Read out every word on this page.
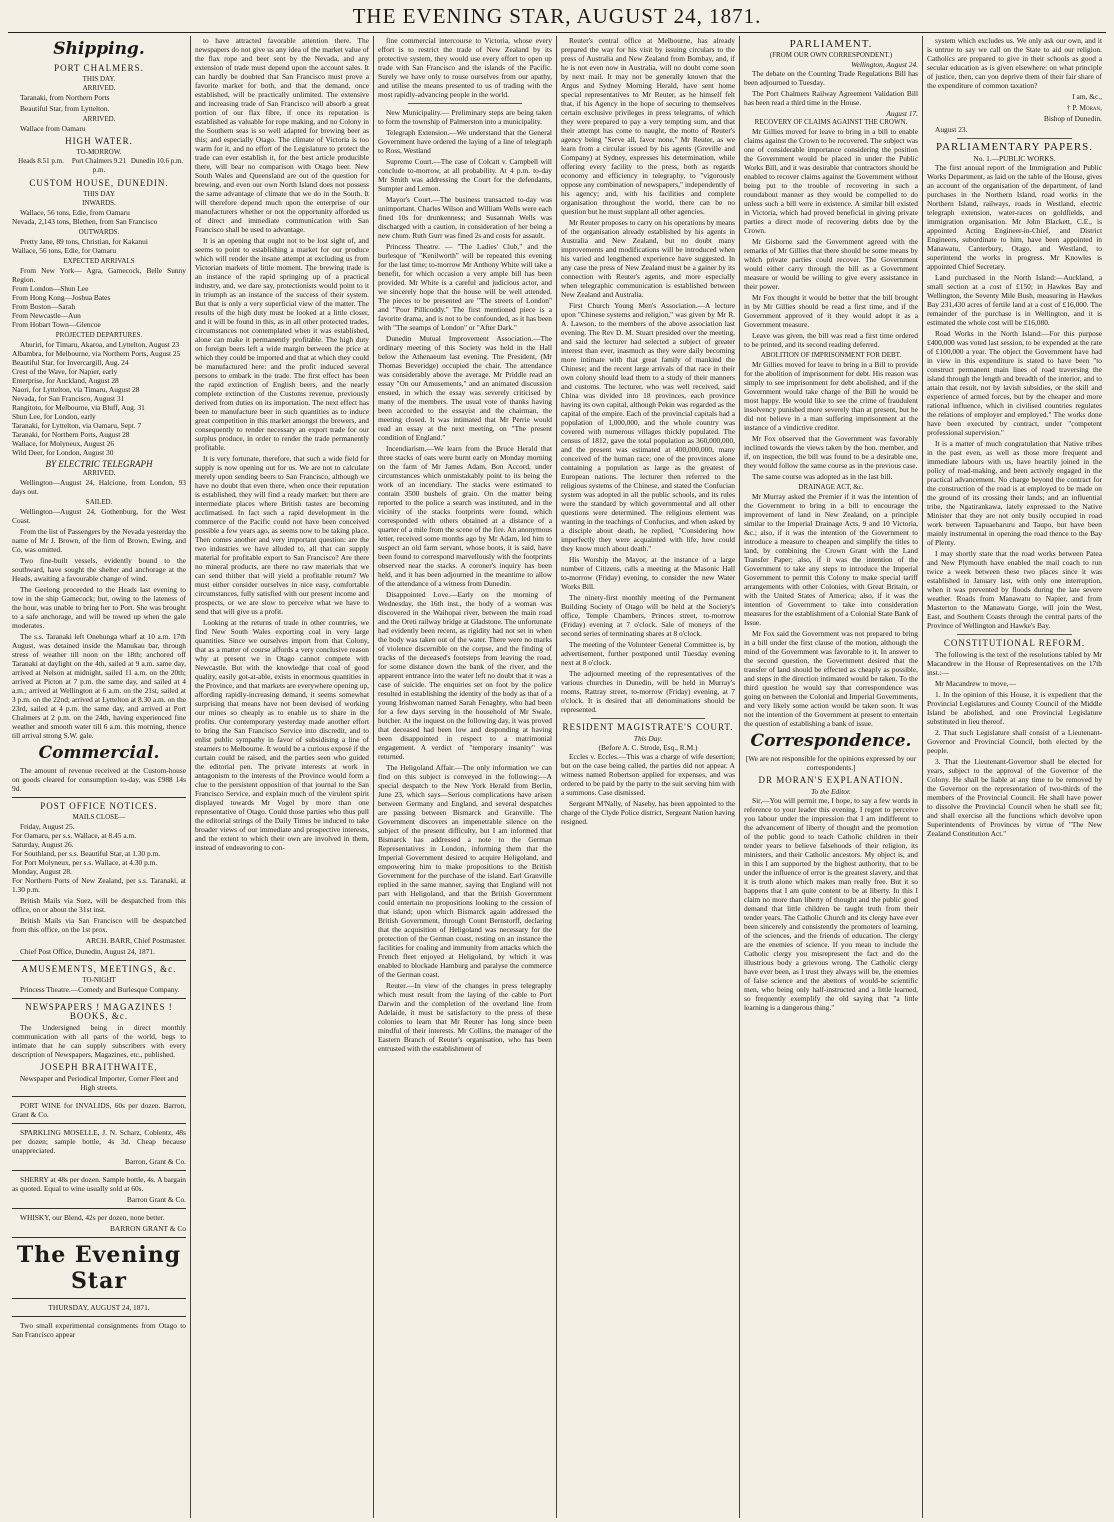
THE EVENING STAR, AUGUST 24, 1871.
Shipping.
PORT CHALMERS.
THIS DAY.
ARRIVED.

Taranaki, from Northern Ports

Beautiful Star, from Lyttelton.

ARRIVED.

Wallace from Oamaru

HIGH WATER.
TO-MORROW.
Heads 8.51 p.m.	Port Chalmers 9.21 p.m.
Dunedin 10.6 p.m.
CUSTOM HOUSE, DUNEDIN.
THIS DAY
INWARDS.

Wallace, 56 tons, Edie, from Oamaru
Nevada, 2,143 tons, Blethen, from San Francisco

OUTWARDS.

Pretty Jane, 89 tons, Christian, for Kakanui
Wallace, 56 tons, Edie, for Oamaru

EXPECTED ARRIVALS

From New York— Agra, Gamecock, Belle Sunny Region.
From London—Shun Lee
From Hong Kong—Joshua Bates
From Boston—Sarah
From Newcastle—Aun
From Hobart Town—Glencoe

PROJECTED DEPARTURES.

Ahuriri, for Timaru, Akaroa, and Lyttelton, August 23
Albambra, for Melbourne, via Northern Ports, August 25
Beautiful Star, for Invercargill, Aug. 24
Crest of the Wave, for Napier, early
Enterprise, for Auckland, August 28
Naori, for Lyttelton, via Timaru, August 28
Nevada, for San Francisco, August 31
Rangitoto, for Melbourne, via Bluff, Aug. 31
Shun Lee, for London, early
Taranaki, for Lyttelton, via Oamaru, Sept. 7
Taranaki, for Northern Ports, August 28
Wallace, for Molyneux, August 26
Wild Deer, for London, August 30

BY ELECTRIC TELEGRAPH
ARRIVED.

Wellington—August 24, Halcione, from London, 93 days out.

SAILED.

Wellington—August 24, Gothenburg, for the West Coast.

From the list of Passengers by the Nevada yesterday the name of Mr J. Brown, of the firm of Brown, Ewing, and Co, was omitted.

Two fine-built vessels, evidently bound to the southward, have sought the shelter and anchorage at the Heads, awaiting a favourable change of wind.

The Geelong proceeded to the Heads last evening to tow in the ship Gamecock; but, owing to the lateness of the hour, was unable to bring her to Port. She was brought to a safe anchorage, and will be towed up when the gale moderates.

The s.s. Taranaki left Onehunga wharf at 10 a.m. 17th August, was detained inside the Manukau bar, through stress of weather till noon on the 18th; anchored off Taranaki at daylight on the 4th, sailed at 9 a.m. same day, arrived at Nelson at midnight, sailed 11 a.m. on the 20th; arrived at Picton at 7 p.m. the same day, and sailed at 4 a.m.; arrived at Wellington at 6 a.m. on the 21st, sailed at 3 p.m. on the 22nd; arrived at Lyttelton at 8.30 a.m. on the 23rd, sailed at 4 p.m. the same day, and arrived at Port Chalmers at 2 p.m. on the 24th, having experienced fine weather and smooth water till 6 a.m. this morning, thence till arrival strong S.W. gale.

Commercial.

The amount of revenue received at the Custom-house on goods cleared for consumption to-day, was £988 14s 9d.

POST OFFICE NOTICES.
MAILS CLOSE—

Friday, August 25.
For Oamaru, per s.s. Wallace, at 8.45 a.m.
Saturday, August 26.
For Southland, per s.s. Beautiful Star, at 1.30 p.m.
For Port Molyneux, per s.s. Wallace, at 4.30 p.m.
Monday, August 28.
For Northern Ports of New Zealand, per s.s. Taranaki, at 1.30 p.m.

British Mails via Suez, will be despatched from this office, on or about the 31st inst.

British Mails via San Francisco will be despatched from this office, on the 1st prox.

ARCH. BARR, Chief Postmaster.

Chief Post Office, Dunedin, August 24, 1871.

AMUSEMENTS, MEETINGS, &c.
TO-NIGHT

Princess Theatre.—Comedy and Burlesque Company.

NEWSPAPERS ! MAGAZINES ! BOOKS, &c.

The Undersigned being in direct monthly communication with all parts of the world, begs to intimate that he can supply subscribers with every description of Newspapers, Magazines, etc., published.

JOSEPH BRAITHWAITE,

Newspaper and Periodical Importer, Corner Fleet and High streets.

PORT WINE for INVALIDS, 60s per dozen. Barron, Grant & Co.

SPARKLING MOSELLE, J. N. Scharz, Coblentz, 48s per dozen; sample bottle, 4s 3d. Cheap because unappreciated.

Barron, Grant & Co.

SHERRY at 48s per dozen. Sample bottle, 4s. A bargain as quoted. Equal to wine usually sold at 60s.

Barron Grant & Co.

WHISKY, our Blend, 42s per dozen, none better.

BARRON GRANT & Co

The Evening Star
THURSDAY, AUGUST 24, 1871.

Two small experimental consignments from Otago to San Francisco appear

to have attracted favorable attention there. The newspapers do not give us any idea of the market value of the flax rope and beer sent by the Nevada, and any extension of trade must depend upon the account sales. It can hardly be doubted that San Francisco must prove a favorite market for both, and that the demand, once established, will be practically unlimited. The extensive and increasing trade of San Francisco will absorb a great portion of our flax fibre, if once its reputation is established as valuable for rope making, and no Colony in the Southern seas is so well adapted for brewing beer as this; and especially Otago. The climate of Victoria is too warm for it, and no effort of the Legislature to protect the trade can ever establish it, for the best article producible there, will bear no comparison with Otago beer. New South Wales and Queensland are out of the question for brewing, and even our own North Island does not possess the same advantage of climate that we do in the South. It will therefore depend much upon the enterprise of our manufacturers whether or not the opportunity afforded us of direct and immediate communication with San Francisco shall be used to advantage.

It is an opening that ought not to be lost sight of, and seems to point to establishing a market for our produce which will render the insane attempt at excluding us from Victorian markets of little moment. The brewing trade is an instance of the rapid springing up of a practical industry, and, we dare say, protectionists would point to it in triumph as an instance of the success of their system. But that is only a very superficial view of the matter. The results of the high duty must be looked at a little closer, and it will be found in this, as in all other protected trades, circumstances not contemplated when it was established, alone can make it permanently profitable. The high duty on foreign beers left a wide margin between the price at which they could be imported and that at which they could be manufactured here: and the profit induced several persons to embark in the trade. The first effect has been the rapid extinction of English beers, and the nearly complete extinction of the Customs revenue, previously derived from duties on its importation. The next effect has been to manufacture beer in such quantities as to induce great competition in this market amongst the brewers, and consequently to render necessary an export trade for our surplus produce, in order to render the trade permanently profitable.

It is very fortunate, therefore, that such a wide field for supply is now opening out for us. We are not to calculate merely upon sending beers to San Francisco, although we have no doubt that even there, when once their reputation is established, they will find a ready market: but there are intermediate places where British tastes are becoming acclimatised. In fact such a rapid development in the commerce of the Pacific could not have been conceived possible a few years ago, as seems now to be taking place. Then comes another and very important question: are the two industries we have alluded to, all that can supply material for profitable export to San Francisco? Are there no mineral products, are there no raw materials that we can send thither that will yield a profitable return? We must either consider ourselves in nice easy, comfortable circumstances, fully satisfied with our present income and prospects, or we are slow to perceive what we have to send that will give us a profit.

Looking at the returns of trade in other countries, we find New South Wales exporting coal in very large quantities. Since we ourselves import from that Colony, that as a matter of course affords a very conclusive reason why at present we in Otago cannot compete with Newcastle. But with the knowledge that coal of good quality, easily got-at-able, exists in enormous quantities in the Province, and that markets are everywhere opening up, affording rapidly-increasing demand, it seems somewhat surprising that means have not been devised of working our mines so cheaply as to enable us to share in the profits. Our contemporary yesterday made another effort to bring the San Francisco Service into discredit, and to enlist public sympathy in favor of subsidising a line of steamers to Melbourne. It would be a curious exposé if the curtain could be raised, and the parties seen who guided the editorial pen. The private interests at work in antagonism to the interests of the Province would form a clue to the persistent opposition of that journal to the San Francisco Service, and explain much of the virulent spirit displayed towards Mr Vogel by more than one representative of Otago. Could those parties who thus pull the editorial strings of the Daily Times be induced to take broader views of our immediate and prospective interests, and the extent to which their own are involved in them, instead of endeavoring to con-

fine commercial intercourse to Victoria, whose every effort is to restrict the trade of New Zealand by its protective system, they would use every effort to open up trade with San Francisco and the islands of the Pacific. Surely we have only to rouse ourselves from our apathy, and utilise the means presented to us of trading with the most rapidly-advancing people in the world.

New Municipality.— Preliminary steps are being taken to form the township of Palmerston into a municipality.

Telegraph Extension.—We understand that the General Government have ordered the laying of a line of telegraph to Ross, Westland

Supreme Court.—The case of Colcatt v. Campbell will conclude to-morrow, at all probability. At 4 p.m. to-day Mr Smith was addressing the Court for the defendants, Sumpter and Lemon.

Mayor's Court.—The business transacted to-day was unimportant. Charles Wilson and William Wells were each fined 10s for drunkenness; and Susannah Wells was discharged with a caution, in consideration of her being a new chum. Ruth Gurr was fined 2s and costs for assault.

Princess Theatre. — "The Ladies' Club," and the burlesque of "Kenilworth" will be repeated this evening for the last time; to-morrow Mr Anthony White will take a benefit, for which occasion a very ample bill has been provided. Mr White is a careful and judicious actor, and we sincerely hope that the house will be well attended. The pieces to be presented are "The streets of London" and "Poor Pillicoddy." The first mentioned piece is a favorite drama, and is not to be confounded, as it has been with "The seamps of London" or "After Dark."

Dunedin Mutual Improvement Association.—The ordinary meeting of this Society was held in the Hall below the Athenaeum last evening. The President, (Mr Thomas Beveridge) occupied the chair. The attendance was considerably above the average. Mr Priddle read an essay "On our Amusements," and an animated discussion ensued, in which the essay was severely criticised by many of the members. The usual vote of thanks having been accorded to the essayist and the chairman, the meeting closed. It was intimated that Mr Perrie would read an essay at the next meeting, on "The present condition of England."

Incendiarism.—We learn from the Bruce Herald that three stacks of oats were burnt early on Monday morning on the farm of Mr James Adam, Bon Accord, under circumstances which unmistakably point to its being the work of an incendiary. The stacks were estimated to contain 3500 bushels of grain. On the matter being reported to the police a search was instituted, and in the vicinity of the stacks footprints were found, which corresponded with others obtained at a distance of a quarter of a mile from the scene of the fire. An anonymous letter, received some months ago by Mr Adam, led him to suspect an old farm servant, whose boots, it is said, have been found to correspond marvellously with the footprints observed near the stacks. A coroner's inquiry has been held, and it has been adjourned in the meantime to allow of the attendance of a witness from Dunedin.

Disappointed Love.—Early on the morning of Wednesday, the 16th inst., the body of a woman was discovered in the Waihopai river, between the main road and the Oreti railway bridge at Gladstone. The unfortunate had evidently been recent, as rigidity had not set in when the body was taken out of the water. There were no marks of violence discernible on the corpse, and the finding of tracks of the deceased's footsteps from leaving the road, for some distance down the bank of the river, and the apparent entrance into the water left no doubt that it was a case of suicide. The enquiries set on foot by the police resulted in establishing the identity of the body as that of a young Irishwoman named Sarah Fenaghty, who had been for a few days serving in the household of Mr Swale, butcher. At the inquest on the following day, it was proved that deceased had been low and desponding at having been disappointed in respect to a matrimonial engagement. A verdict of "temporary insanity" was returned.

The Heligoland Affair.—The only information we can find on this subject is conveyed in the following:—A special despatch to the New York Herald from Berlin, June 23, which says—Serious complications have arisen between Germany and England, and several despatches are passing between Bismarck and Granville. The Government discovers an impenetrable silence on the subject of the present difficulty, but I am informed that Bismarck has addressed a note to the German Representatives in London, informing them that the Imperial Government desired to acquire Heligoland, and empowering him to make propositions to the British Government for the purchase of the island. Earl Granville replied in the same manner, saying that England will not part with Heligoland, and that the British Government could entertain no propositions looking to the cession of that island; upon which Bismarck again addressed the British Government, through Count Bernstorff, declaring that the acquisition of Heligoland was necessary for the protection of the German coast, resting on an instance the facilities for coaling and immunity from attacks which the French fleet enjoyed at Heligoland, by which it was enabled to blockade Hamburg and paralyse the commerce of the German coast.

Reuter.—In view of the changes in press telegraphy which must result from the laying of the cable to Port Darwin and the completion of the overland line from Adelaide, it must be satisfactory to the press of these colonies to learn that Mr Reuter has long since been mindful of their interests. Mr Collins, the manager of the Eastern Branch of Reuter's organisation, who has been entrusted with the establishment of

Reuter's central office at Melbourne, has already prepared the way for his visit by issuing circulars to the press of Australia and New Zealand from Bombay, and, if he is not even now in Australia, will no doubt come soon by next mail. It may not be generally known that the Argus and Sydney Morning Herald, have sent home special representatives to Mr Reuter, as he himself felt that, if his Agency in the hope of securing to themselves certain exclusive privileges in press telegrams, of which they were prepared to pay a very tempting sum, and that their attempt has come to naught, the motto of Reuter's agency being "Serve all, favor none." Mr Reuter, as we learn from a circular issued by his agents (Greville and Company) at Sydney, expresses his determination, while offering every facility to the press, both as regards economy and efficiency in telegraphy, to "vigorously oppose any combination of newspapers," independently of his agency; and, with his facilities and complete organisation throughout the world, there can be no question but he must supplant all other agencies.

Mr Reuter proposes to carry on his operations by means of the organisation already established by his agents in Australia and New Zealand, but no doubt many improvements and modifications will be introduced when his varied and lengthened experience have suggested. In any case the press of New Zealand must be a gainer by its connection with Reuter's agents, and more especially when telegraphic communication is established between New Zealand and Australia.

First Church Young Men's Association.—A lecture upon "Chinese systems and religion," was given by Mr R. A. Lawson, to the members of the above association last evening. The Rev D. M. Stuart presided over the meeting, and said the lecturer had selected a subject of greater interest than ever, inasmuch as they were daily becoming more intimate with that great family of mankind the Chinese; and the recent large arrivals of that race in their own colony should lead them to a study of their manners and customs. The lecturer, who was well received, said China was divided into 18 provinces, each province having its own capital, although Pekin was regarded as the capital of the empire. Each of the provincial capitals had a population of 1,000,000, and the whole country was covered with numerous villages thickly populated. The census of 1812, gave the total population as 360,000,000, and the present was estimated at 400,000,000, many conceived of the human race; one of the provinces alone containing a population as large as the greatest of European nations. The lecturer then referred to the religious systems of the Chinese, and stated the Confucian system was adopted in all the public schools, and its rules were the standard by which governmental and all other questions were determined. The religious element was wanting in the teachings of Confucius, and when asked by a disciple about death, he replied, "Considering how imperfectly they were acquainted with life, how could they know much about death."

His Worship the Mayor, at the instance of a large number of Citizens, calls a meeting at the Masonic Hall to-morrow (Friday) evening, to consider the new Water Works Bill.

The ninety-first monthly meeting of the Permanent Building Society of Otago will be held at the Society's office, Temple Chambers, Princes street, to-morrow (Friday) evening at 7 o'clock. Sale of moneys of the second series of terminating shares at 8 o'clock.

The meeting of the Volunteer General Committee is, by advertisement, further postponed until Tuesday evening next at 8 o'clock.

The adjourned meeting of the representatives of the various churches in Dunedin, will be held in Murray's rooms, Rattray street, to-morrow (Friday) evening, at 7 o'clock. It is desired that all denominations should be represented.

RESIDENT MAGISTRATE'S COURT.
This Day.
(Before A. C. Strode, Esq., R.M.)

Eccles v. Eccles.—This was a charge of wife desertion; but on the case being called, the parties did not appear. A witness named Robertson applied for expenses, and was ordered to be paid by the party to the suit serving him with a summons. Case dismissed.

Sergeant M'Nally, of Naseby, has been appointed to the charge of the Clyde Police district, Sergeant Nation having resigned.

PARLIAMENT.
(FROM OUR OWN CORRESPONDENT.)
Wellington, August 24.

The debate on the Counting Trade Regulations Bill has been adjourned to Tuesday.

The Port Chalmers Railway Agreement Validation Bill has been read a third time in the House.

August 17.
RECOVERY OF CLAIMS AGAINST THE CROWN.

Mr Gillies moved for leave to bring in a bill to enable claims against the Crown to be recovered. The subject was one of considerable importance considering the position the Government would be placed in under the Public Works Bill, and it was desirable that contractors should be enabled to recover claims against the Government without being put to the trouble of recovering in such a roundabout manner as they would be compelled to do unless such a bill were in existence. A similar bill existed in Victoria, which had proved beneficial in giving private parties a direct mode of recovering debts due by the Crown.

Mr Gisborne said the Government agreed with the remarks of Mr Gillies that there should be some means by which private parties could recover. The Government would either carry through the bill as a Government measure or would be willing to give every assistance in their power.

Mr Fox thought it would be better that the bill brought in by Mr Gillies should be read a first time, and if the Government approved of it they would adopt it as a Government measure.

Leave was given, the bill was read a first time ordered to be printed, and its second reading deferred.

ABOLITION OF IMPRISONMENT FOR DEBT.

Mr Gillies moved for leave to bring in a Bill to provide for the abolition of imprisonment for debt. His reason was simply to see imprisonment for debt abolished, and if the Government would take charge of the Bill he would be most happy. He would like to see the crime of fraudulent insolvency punished more severely than at present, but he did not believe in a man suffering imprisonment at the instance of a vindictive creditor.

Mr Fox observed that the Government was favorably inclined towards the views taken by the hon. member, and if, on inspection, the bill was found to be a desirable one, they would follow the same course as in the previous case.

The same course was adopted as in the last bill.

DRAINAGE ACT, &c.

Mr Murray asked the Premier if it was the intention of the Government to bring in a bill to encourage the improvement of land in New Zealand, on a principle similar to the Imperial Drainage Acts, 9 and 10 Victoria, &c.; also, if it was the intention of the Government to introduce a measure to cheapen and simplify the titles to land, by combining the Crown Grant with the Land Transfer Paper; also, if it was the intention of the Government to take any steps to introduce the Imperial Government to permit this Colony to make special tariff arrangements with other Colonies, with Great Britain, or with the United States of America; also, if it was the intention of Government to take into consideration measures for the establishment of a Colonial State Bank of Issue.

Mr Fox said the Government was not prepared to bring in a bill under the first clause of the motion, although the mind of the Government was favorable to it. In answer to the second question, the Government desired that the transfer of land should be effected as cheaply as possible, and steps in the direction intimated would be taken. To the third question he would say that correspondence was going on between the Colonial and Imperial Governments, and very likely some action would be taken soon. It was not the intention of the Government at present to entertain the question of establishing a bank of issue.

Correspondence.

[We are not responsible for the opinions expressed by our correspondents.]

DR MORAN'S EXPLANATION.
To the Editor.

Sir,—You will permit me, I hope, to say a few words in reference to your leader this evening. I regret to perceive you labour under the impression that I am indifferent to the advancement of liberty of thought and the promotion of the public good to teach Catholic children in their tender years to believe falsehoods of their religion, its ministers, and their Catholic ancestors. My object is, and in this I am supported by the highest authority, that to be under the influence of error is the greatest slavery, and that it is truth alone which makes man really free. But it so happens that I am quite content to be at liberty. In this I claim no more than liberty of thought and the public good demand that little children be taught truth from their tender years. The Catholic Church and its clergy have ever been sincerely and consistently the promoters of learning, of the sciences, and the friends of education. The clergy are the enemies of science. If you mean to include the Catholic clergy you misrepresent the fact and do the illustrious body a grievous wrong. The Catholic clergy have ever been, as I trust they always will be, the enemies of false science and the abettors of would-be scientific men, who being only half-instructed and a little learned, so frequently exemplify the old saying that "a little learning is a dangerous thing."

system which excludes us. We only ask our own, and it is untrue to say we call on the State to aid our religion. Catholics are prepared to give in their schools as good a secular education as is given elsewhere: on what principle of justice, then, can you deprive them of their fair share of the expenditure of common taxation?

I am, &c.,

† P. Moran,

Bishop of Dunedin.

August 23.

PARLIAMENTARY PAPERS.
No. 1.—PUBLIC WORKS.

The first annual report of the Immigration and Public Works Department, as laid on the table of the House, gives an account of the organisation of the department, of land purchases in the Northern Island, road works in the Northern Island, railways, roads in Westland, electric telegraph extension, water-races on goldfields, and immigration organisation. Mr John Blackett, C.E., is appointed Acting Engineer-in-Chief, and District Engineers, subordinate to him, have been appointed in Manawatu, Canterbury, Otago, and Westland, to superintend the works in progress. Mr Knowles is appointed Chief Secretary.

Land purchased in the North Island:—Auckland, a small section at a cost of £150; in Hawkes Bay and Wellington, the Seventy Mile Bush, measuring in Hawkes Bay 231,430 acres of fertile land at a cost of £16,000. The remainder of the purchase is in Wellington, and it is estimated the whole cost will be £16,080.

Road Works in the North Island:—For this purpose £400,000 was voted last session, to be expended at the rate of £100,000 a year. The object the Government have had in view in this expenditure is stated to have been "to construct permanent main lines of road traversing the island through the length and breadth of the interior, and to attain that result, not by lavish subsidies, or the skill and experience of armed forces, but by the cheaper and more rational influence, which in civilised countries regulates the relations of employer and employed." The works done have been executed by contract, under "competent professional supervision."

It is a matter of much congratulation that Native tribes in the past even, as well as those more frequent and immediate labours with us, have heartily joined in the policy of road-making, and been actively engaged in the practical advancement. No charge beyond the contract for the construction of the road is at employed to be made on the ground of its crossing their lands; and an influential tribe, the Ngatirankawa, lately expressed to the Native Minister that they are not only busily occupied in road work between Tapuaeharuru and Taupo, but have been mainly instrumental in opening the road thence to the Bay of Plenty.

I may shortly state that the road works between Patea and New Plymouth have enabled the mail coach to run twice a week between these two places since it was established in January last, with only one interruption, when it was prevented by floods during the late severe weather. Roads from Manawatu to Napier, and from Masterton to the Manawatu Gorge, will join the West, East, and Southern Coasts through the central parts of the Province of Wellington and Hawke's Bay.

CONSTITUTIONAL REFORM.

The following is the text of the resolutions tabled by Mr Macandrew in the House of Representatives on the 17th inst.:—

Mr Macandrew to move,—

1. In the opinion of this House, it is expedient that the Provincial Legislatures and County Council of the Middle Island be abolished, and one Provincial Legislature substituted in lieu thereof.

2. That such Legislature shall consist of a Lieutenant-Governor and Provincial Council, both elected by the people.

3. That the Lieutenant-Governor shall be elected for years, subject to the approval of the Governor of the Colony. He shall be liable at any time to be removed by the Governor on the representation of two-thirds of the members of the Provincial Council. He shall have power to dissolve the Provincial Council when he shall see fit; and shall exercise all the functions which devolve upon Superintendents of Provinces by virtue of "The New Zealand Constitution Act."
